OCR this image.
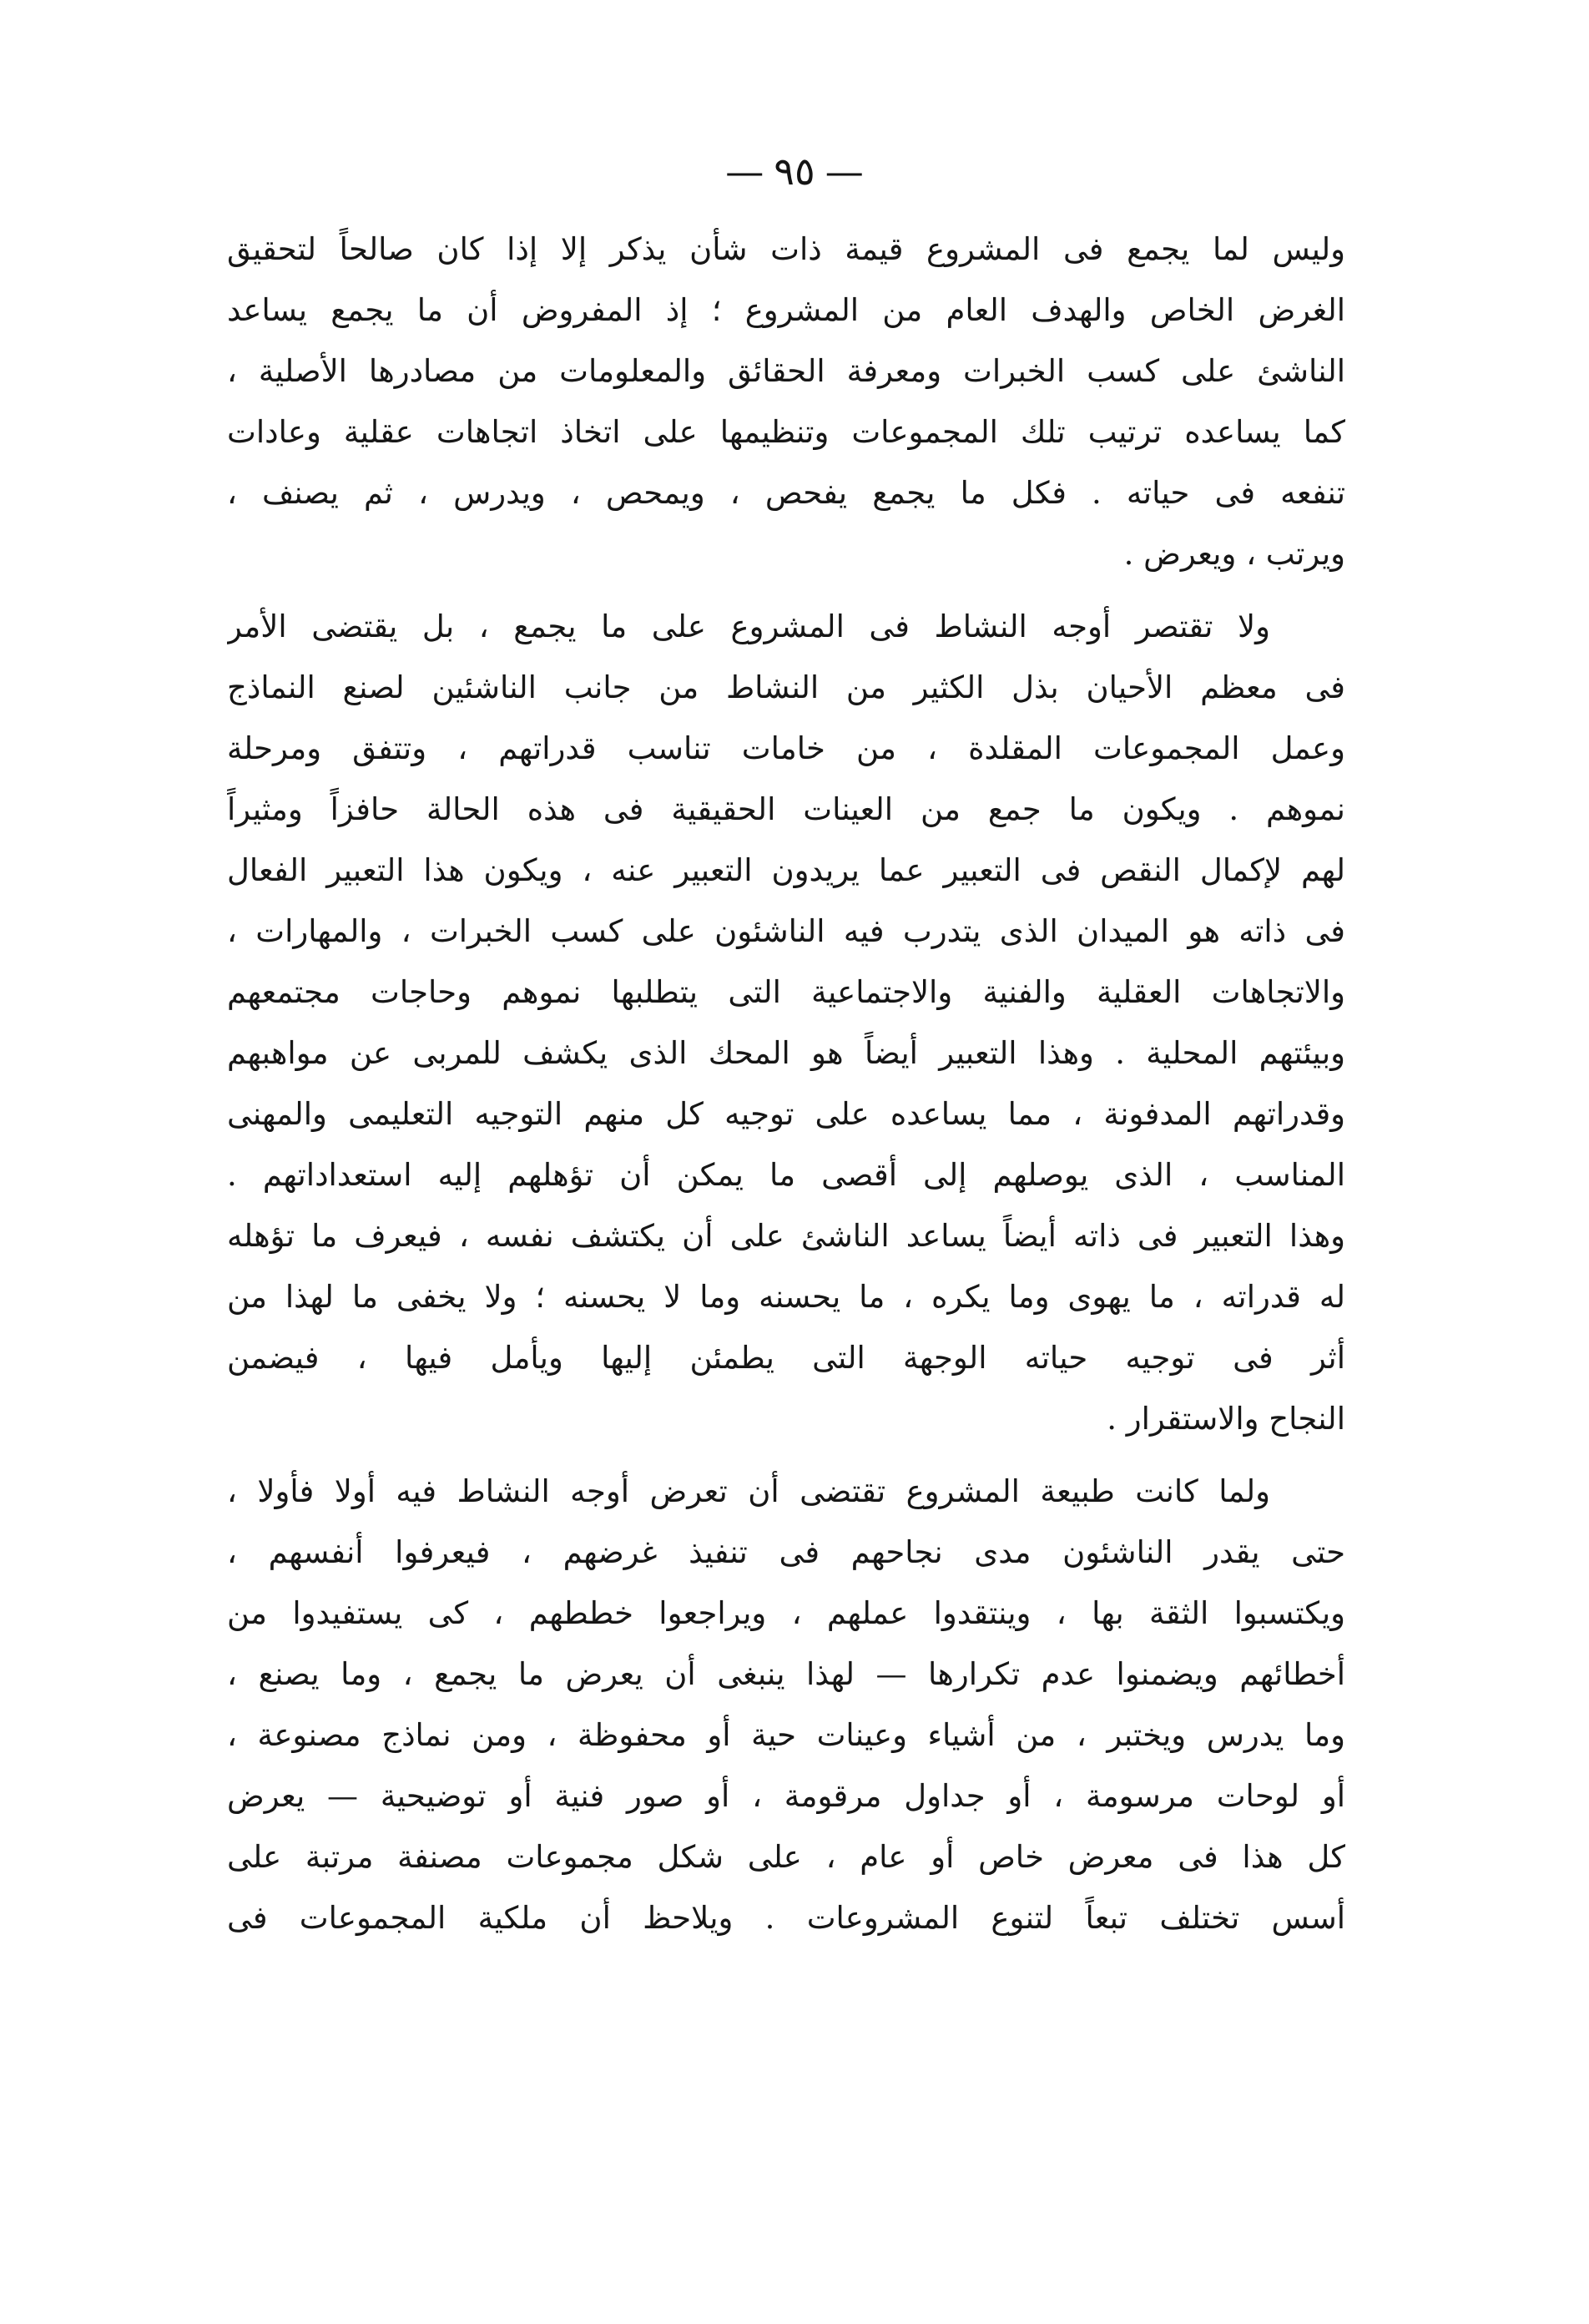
—٩٥—
وليس لما يجمع فى المشروع قيمة ذات شأن يذكر إلا إذا كان صالحاً لتحقيق
الغرض الخاص والهدف العام من المشروع ؛ إذ المفروض أن ما يجمع يساعد
الناشئ على كسب الخبرات ومعرفة الحقائق والمعلومات من مصادرها الأصلية ،
كما يساعده ترتيب تلك المجموعات وتنظيمها على اتخاذ اتجاهات عقلية وعادات
تنفعه فى حياته . فكل ما يجمع يفحص ، ويمحص ، ويدرس ، ثم يصنف ،
ويرتب ، ويعرض .
ولا تقتصر أوجه النشاط فى المشروع على ما يجمع ، بل يقتضى الأمر
فى معظم الأحيان بذل الكثير من النشاط من جانب الناشئين لصنع النماذج
وعمل المجموعات المقلدة ، من خامات تناسب قدراتهم ، وتتفق ومرحلة
نموهم . ويكون ما جمع من العينات الحقيقية فى هذه الحالة حافزاً ومثيراً
لهم لإكمال النقص فى التعبير عما يريدون التعبير عنه ، ويكون هذا التعبير الفعال
فى ذاته هو الميدان الذى يتدرب فيه الناشئون على كسب الخبرات ، والمهارات ،
والاتجاهات العقلية والفنية والاجتماعية التى يتطلبها نموهم وحاجات مجتمعهم
وبيئتهم المحلية . وهذا التعبير أيضاً هو المحك الذى يكشف للمربى عن مواهبهم
وقدراتهم المدفونة ، مما يساعده على توجيه كل منهم التوجيه التعليمى والمهنى
المناسب ، الذى يوصلهم إلى أقصى ما يمكن أن تؤهلهم إليه استعداداتهم .
وهذا التعبير فى ذاته أيضاً يساعد الناشئ على أن يكتشف نفسه ، فيعرف ما تؤهله
له قدراته ، ما يهوى وما يكره ، ما يحسنه وما لا يحسنه ؛ ولا يخفى ما لهذا من
أثر فى توجيه حياته الوجهة التى يطمئن إليها ويأمل فيها ، فيضمن
النجاح والاستقرار .
ولما كانت طبيعة المشروع تقتضى أن تعرض أوجه النشاط فيه أولا فأولا ،
حتى يقدر الناشئون مدى نجاحهم فى تنفيذ غرضهم ، فيعرفوا أنفسهم ،
ويكتسبوا الثقة بها ، وينتقدوا عملهم ، ويراجعوا خططهم ، كى يستفيدوا من
أخطائهم ويضمنوا عدم تكرارها — لهذا ينبغى أن يعرض ما يجمع ، وما يصنع ،
وما يدرس ويختبر ، من أشياء وعينات حية أو محفوظة ، ومن نماذج مصنوعة ،
أو لوحات مرسومة ، أو جداول مرقومة ، أو صور فنية أو توضيحية — يعرض
كل هذا فى معرض خاص أو عام ، على شكل مجموعات مصنفة مرتبة على
أسس تختلف تبعاً لتنوع المشروعات . ويلاحظ أن ملكية المجموعات فى
